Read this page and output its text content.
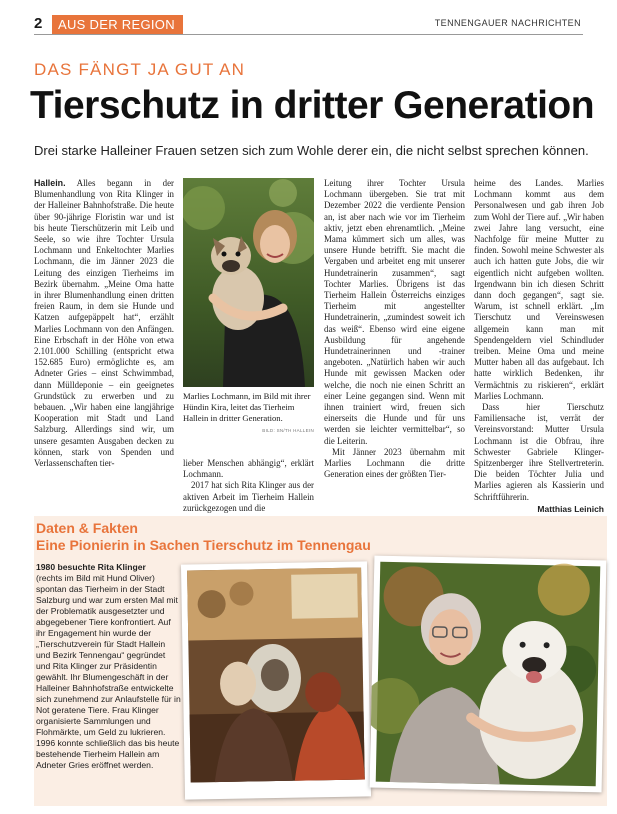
2	AUS DER REGION	TENNENGAUER NACHRICHTEN
DAS FÄNGT JA GUT AN
Tierschutz in dritter Generation
Drei starke Halleiner Frauen setzen sich zum Wohle derer ein, die nicht selbst sprechen können.

Hallein. Alles begann in der Blumenhandlung von Rita Klinger in der Halleiner Bahnhofstraße. Die heute über 90-jährige Floristin war und ist bis heute Tierschützerin mit Leib und Seele, so wie ihre Tochter Ursula Lochmann und Enkeltochter Marlies Lochmann, die im Jänner 2023 die Leitung des einzigen Tierheims im Bezirk übernahm. „Meine Oma hatte in ihrer Blumenhandlung einen dritten freien Raum, in dem sie Hunde und Katzen aufgepäppelt hat“, erzählt Marlies Lochmann von den Anfängen. Eine Erbschaft in der Höhe von etwa 2.101.000 Schilling (entspricht etwa 152.685 Euro) ermöglichte es, am Adneter Gries – einst Schwimmbad, dann Mülldeponie – ein geeignetes Grundstück zu erwerben und zu bebauen. „Wir haben eine langjährige Kooperation mit Stadt und Land Salzburg. Allerdings sind wir, um unsere gesamten Ausgaben decken zu können, stark von Spenden und Verlassenschaften tier-

Marlies Lochmann, im Bild mit ihrer Hündin Kira, leitet das Tierheim Hallein in dritter Generation.
BILD: SN/TH HALLEIN

lieber Menschen abhängig“, erklärt Lochmann.

2017 hat sich Rita Klinger aus der aktiven Arbeit im Tierheim Hallein zurückgezogen und die

Leitung ihrer Tochter Ursula Lochmann übergeben. Sie trat mit Dezember 2022 die verdiente Pension an, ist aber nach wie vor im Tierheim aktiv, jetzt eben ehrenamtlich. „Meine Mama kümmert sich um alles, was unsere Hunde betrifft. Sie macht die Vergaben und arbeitet eng mit unserer Hundetrainerin zusammen“, sagt Tochter Marlies. Übrigens ist das Tierheim Hallein Österreichs einziges Tierheim mit angestellter Hundetrainerin, „zumindest soweit ich das weiß“. Ebenso wird eine eigene Ausbildung für angehende Hundetrainerinnen und -trainer angeboten. „Natürlich haben wir auch Hunde mit gewissen Macken oder welche, die noch nie einen Schritt an einer Leine gegangen sind. Wenn mit ihnen trainiert wird, freuen sich einerseits die Hunde und für uns werden sie leichter vermittelbar“, so die Leiterin.

Mit Jänner 2023 übernahm mit Marlies Lochmann die dritte Generation eines der größten Tier-

heime des Landes. Marlies Lochmann kommt aus dem Personalwesen und gab ihren Job zum Wohl der Tiere auf. „Wir haben zwei Jahre lang versucht, eine Nachfolge für meine Mutter zu finden. Sowohl meine Schwester als auch ich hatten gute Jobs, die wir eigentlich nicht aufgeben wollten. Irgendwann bin ich diesen Schritt dann doch gegangen“, sagt sie. Warum, ist schnell erklärt. „Im Tierschutz und Vereinswesen allgemein kann man mit Spendengeldern viel Schindluder treiben. Meine Oma und meine Mutter haben all das aufgebaut. Ich hatte wirklich Bedenken, ihr Vermächtnis zu riskieren“, erklärt Marlies Lochmann.

Dass hier Tierschutz Familiensache ist, verrät der Vereinsvorstand: Mutter Ursula Lochmann ist die Obfrau, ihre Schwester Gabriele Klinger-Spitzenberger ihre Stellvertreterin. Die beiden Töchter Julia und Marlies agieren als Kassierin und Schriftführerin.

Matthias Leinich
Daten & Fakten
Eine Pionierin in Sachen Tierschutz im Tennengau
1980 besuchte Rita Klinger
(rechts im Bild mit Hund Oliver) spontan das Tierheim in der Stadt Salzburg und war zum ersten Mal mit der Problematik ausgesetzter und abgegebener Tiere konfrontiert. Auf ihr Engagement hin wurde der „Tierschutzverein für Stadt Hallein und Bezirk Tennengau“ gegründet und Rita Klinger zur Präsidentin gewählt. Ihr Blumengeschäft in der Halleiner Bahnhofstraße entwickelte sich zunehmend zur Anlaufstelle für in Not geratene Tiere. Frau Klinger organisierte Sammlungen und Flohmärkte, um Geld zu lukrieren. 1996 konnte schließlich das bis heute bestehende Tierheim Hallein am Adneter Gries eröffnet werden.
